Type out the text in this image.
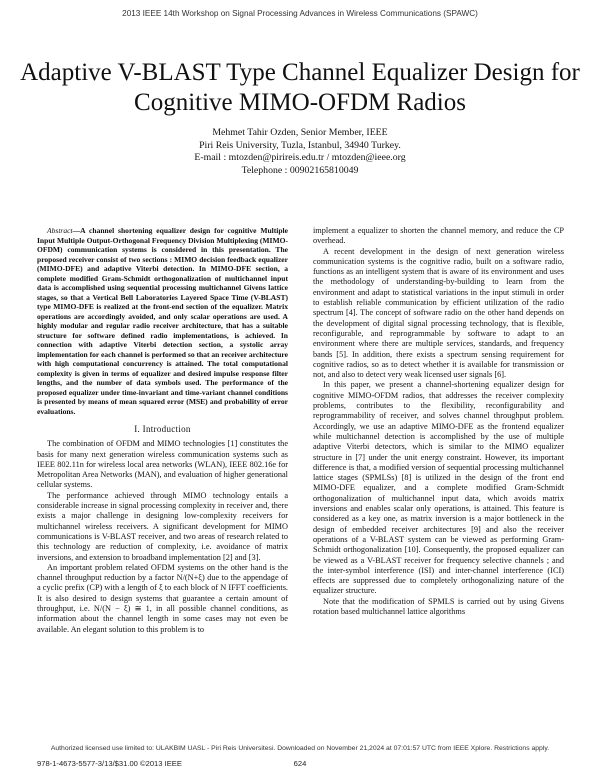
2013 IEEE 14th Workshop on Signal Processing Advances in Wireless Communications (SPAWC)
Adaptive V-BLAST Type Channel Equalizer Design for Cognitive MIMO-OFDM Radios
Mehmet Tahir Ozden, Senior Member, IEEE
Piri Reis University, Tuzla, Istanbul, 34940 Turkey.
E-mail : mtozden@pirireis.edu.tr / mtozden@ieee.org
Telephone : 00902165810049

Abstract—A channel shortening equalizer design for cognitive Multiple Input Multiple Output-Orthogonal Frequency Division Multiplexing (MIMO-OFDM) communication systems is considered in this presentation. The proposed receiver consist of two sections : MIMO decision feedback equalizer (MIMO-DFE) and adaptive Viterbi detection. In MIMO-DFE section, a complete modified Gram-Schmidt orthogonalization of multichannel input data is accomplished using sequential processing multichannel Givens lattice stages, so that a Vertical Bell Laboratories Layered Space Time (V-BLAST) type MIMO-DFE is realized at the front-end section of the equalizer. Matrix operations are accordingly avoided, and only scalar operations are used. A highly modular and regular radio receiver architecture, that has a suitable structure for software defined radio implementations, is achieved. In connection with adaptive Viterbi detection section, a systolic array implementation for each channel is performed so that an receiver architecture with high computational concurrency is attained. The total computational complexity is given in terms of equalizer and desired impulse response filter lengths, and the number of data symbols used. The performance of the proposed equalizer under time-invariant and time-variant channel conditions is presented by means of mean squared error (MSE) and probability of error evaluations.

I. Introduction

The combination of OFDM and MIMO technologies [1] constitutes the basis for many next generation wireless communication systems such as IEEE 802.11n for wireless local area networks (WLAN), IEEE 802.16e for Metropolitan Area Networks (MAN), and evaluation of higher generational cellular systems.

The performance achieved through MIMO technology entails a considerable increase in signal processing complexity in receiver and, there exists a major challenge in designing low-complexity receivers for multichannel wireless receivers. A significant development for MIMO communications is V-BLAST receiver, and two areas of research related to this technology are reduction of complexity, i.e. avoidance of matrix inversions, and extension to broadband implementation [2] and [3].

An important problem related OFDM systems on the other hand is the channel throughput reduction by a factor N/(N+ξ) due to the appendage of a cyclic prefix (CP) with a length of ξ to each block of N IFFT coefficients. It is also desired to design systems that guarantee a certain amount of throughput, i.e. N/(N − ξ) ≅ 1, in all possible channel conditions, as information about the channel length in some cases may not even be available. An elegant solution to this problem is to

implement a equalizer to shorten the channel memory, and reduce the CP overhead.

A recent development in the design of next generation wireless communication systems is the cognitive radio, built on a software radio, functions as an intelligent system that is aware of its environment and uses the methodology of understanding-by-building to learn from the environment and adapt to statistical variations in the input stimuli in order to establish reliable communication by efficient utilization of the radio spectrum [4]. The concept of software radio on the other hand depends on the development of digital signal processing technology, that is flexible, reconfigurable, and reprogrammable by software to adapt to an environment where there are multiple services, standards, and frequency bands [5]. In addition, there exists a spectrum sensing requirement for cognitive radios, so as to detect whether it is available for transmission or not, and also to detect very weak licensed user signals [6].

In this paper, we present a channel-shortening equalizer design for cognitive MIMO-OFDM radios, that addresses the receiver complexity problems, contributes to the flexibility, reconfigurability and reprogrammability of receiver, and solves channel throughput problem. Accordingly, we use an adaptive MIMO-DFE as the frontend equalizer while multichannel detection is accomplished by the use of multiple adaptive Viterbi detectors, which is similar to the MIMO equalizer structure in [7] under the unit energy constraint. However, its important difference is that, a modified version of sequential processing multichannel lattice stages (SPMLSs) [8] is utilized in the design of the front end MIMO-DFE equalizer, and a complete modified Gram-Schmidt orthogonalization of multichannel input data, which avoids matrix inversions and enables scalar only operations, is attained. This feature is considered as a key one, as matrix inversion is a major bottleneck in the design of embedded receiver architectures [9] and also the receiver operations of a V-BLAST system can be viewed as performing Gram-Schmidt orthogonalization [10]. Consequently, the proposed equalizer can be viewed as a V-BLAST receiver for frequency selective channels ; and the inter-symbol interference (ISI) and inter-channel interference (ICI) effects are suppressed due to completely orthogonalizing nature of the equalizer structure.

Note that the modification of SPMLS is carried out by using Givens rotation based multichannel lattice algorithms

Authorized licensed use limited to: ULAKBIM UASL - Piri Reis Universitesi. Downloaded on November 21,2024 at 07:01:57 UTC from IEEE Xplore. Restrictions apply.
978-1-4673-5577-3/13/$31.00 ©2013 IEEE	624
